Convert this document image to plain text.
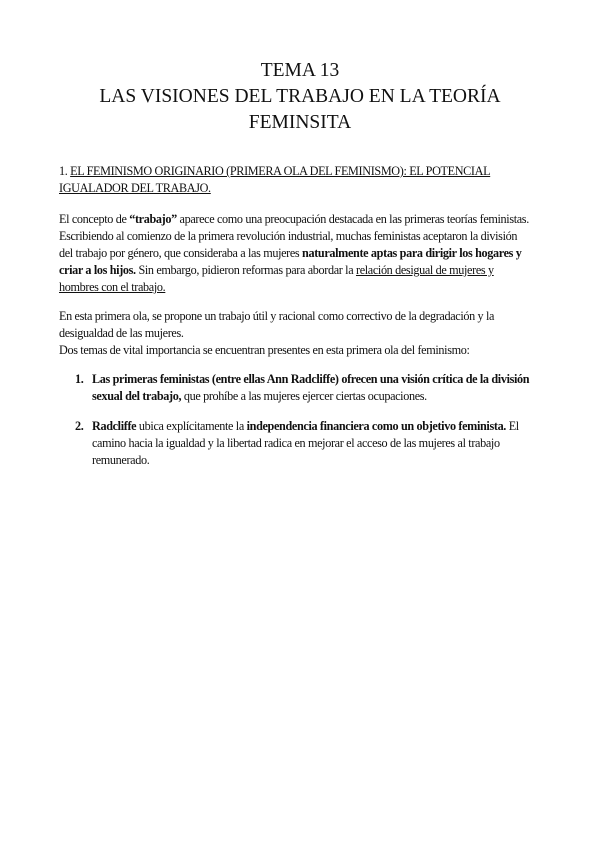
TEMA 13
LAS VISIONES DEL TRABAJO EN LA TEORÍA
FEMINSITA
1. EL FEMINISMO ORIGINARIO (PRIMERA OLA DEL FEMINISMO): EL POTENCIAL IGUALADOR DEL TRABAJO.
El concepto de “trabajo” aparece como una preocupación destacada en las primeras teorías feministas. Escribiendo al comienzo de la primera revolución industrial, muchas feministas aceptaron la división del trabajo por género, que consideraba a las mujeres naturalmente aptas para dirigir los hogares y criar a los hijos. Sin embargo, pidieron reformas para abordar la relación desigual de mujeres y hombres con el trabajo.
En esta primera ola, se propone un trabajo útil y racional como correctivo de la degradación y la desigualdad de las mujeres.
Dos temas de vital importancia se encuentran presentes en esta primera ola del feminismo:
1. Las primeras feministas (entre ellas Ann Radcliffe) ofrecen una visión crítica de la división sexual del trabajo, que prohíbe a las mujeres ejercer ciertas ocupaciones.
2. Radcliffe ubica explícitamente la independencia financiera como un objetivo feminista. El camino hacia la igualdad y la libertad radica en mejorar el acceso de las mujeres al trabajo remunerado.
